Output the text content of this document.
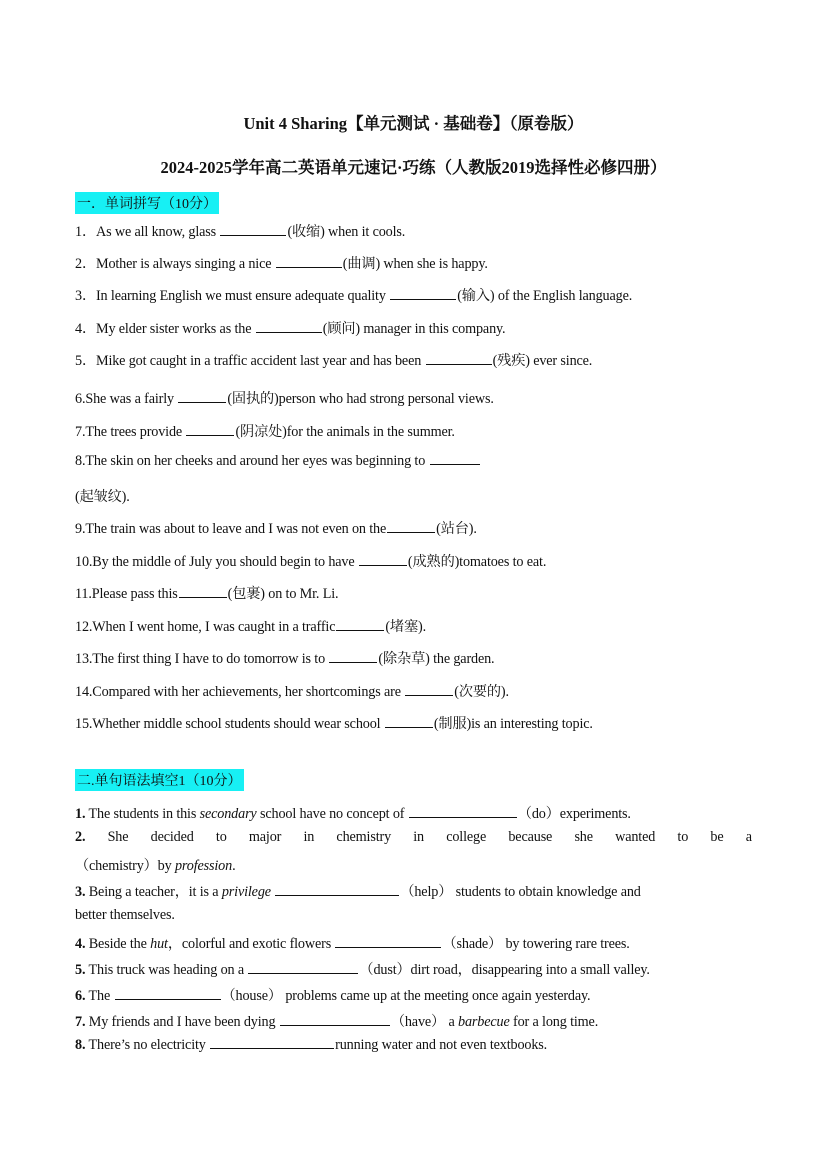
Unit 4 Sharing【单元测试 · 基础卷】（原卷版）
2024-2025学年高二英语单元速记·巧练（人教版2019选择性必修四册）
一．单词拼写（10分）
1．As we all know, glass	(收缩) when it cools.
2．Mother is always singing a nice	(曲调) when she is happy.
3．In learning English we must ensure adequate quality	(输入) of the English language.
4．My elder sister works as the	(顾问) manager in this company.
5．Mike got caught in a traffic accident last year and has been	(残疾) ever since.
6.She was a fairly	(固执的)person who had strong personal views.
7.The trees provide	(阴凉处)for the animals in the summer.
8.The skin on her cheeks and around her eyes was beginning to
(起皱纹).
9.The train was about to leave and I was not even on the	(站台).
10.By the middle of July you should begin to have	(成熟的)tomatoes to eat.
11.Please pass this	(包裹) on to Mr. Li.
12.When I went home, I was caught in a traffic	(堵塞).
13.The first thing I have to do tomorrow is to	(除杂草) the garden.
14.Compared with her achievements, her shortcomings are	(次要的).
15.Whether middle school students should wear school	(制服)is an interesting topic.
二.单句语法填空1（10分）
1. The students in this secondary school have no concept of	（do）experiments.
2. She decided to major in chemistry in college because she wanted to be a
（chemistry）by profession.
3. Being a teacher，it is a privilege	（help） students to obtain knowledge and
better themselves.
4. Beside the hut，colorful and exotic flowers	（shade） by towering rare trees.
5. This truck was heading on a	（dust）dirt road，disappearing into a small valley.
6. The	（house） problems came up at the meeting once again yesterday.
7. My friends and I have been dying	（have） a barbecue for a long time.
8. There’s no electricity	running water and not even textbooks.
